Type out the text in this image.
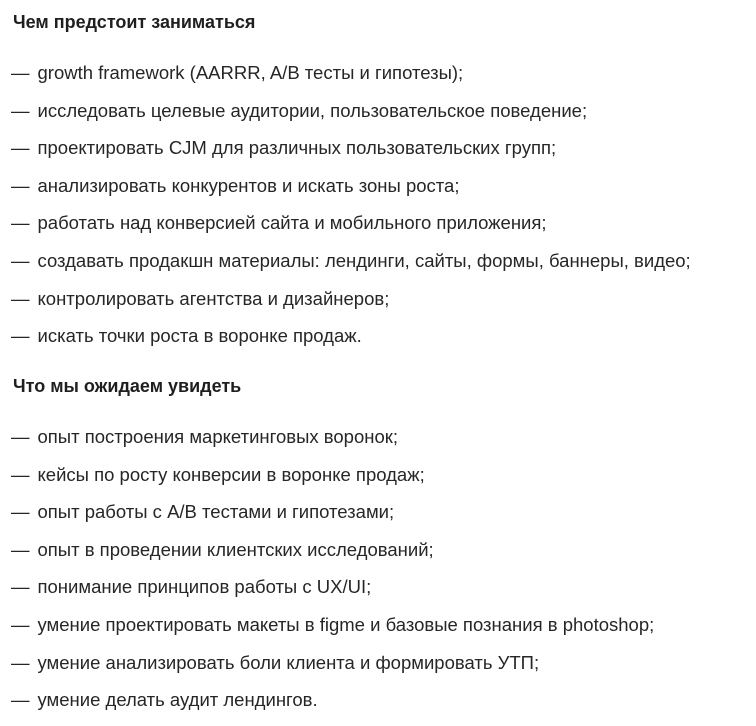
Чем предстоит заниматься
— growth framework (AARRR, A/B тесты и гипотезы);
— исследовать целевые аудитории, пользовательское поведение;
— проектировать CJM для различных пользовательских групп;
— анализировать конкурентов и искать зоны роста;
— работать над конверсией сайта и мобильного приложения;
— создавать продакшн материалы: лендинги, сайты, формы, баннеры, видео;
— контролировать агентства и дизайнеров;
— искать точки роста в воронке продаж.
Что мы ожидаем увидеть
— опыт построения маркетинговых воронок;
— кейсы по росту конверсии в воронке продаж;
— опыт работы с A/B тестами и гипотезами;
— опыт в проведении клиентских исследований;
— понимание принципов работы с UX/UI;
— умение проектировать макеты в figme и базовые познания в photoshop;
— умение анализировать боли клиента и формировать УТП;
— умение делать аудит лендингов.
